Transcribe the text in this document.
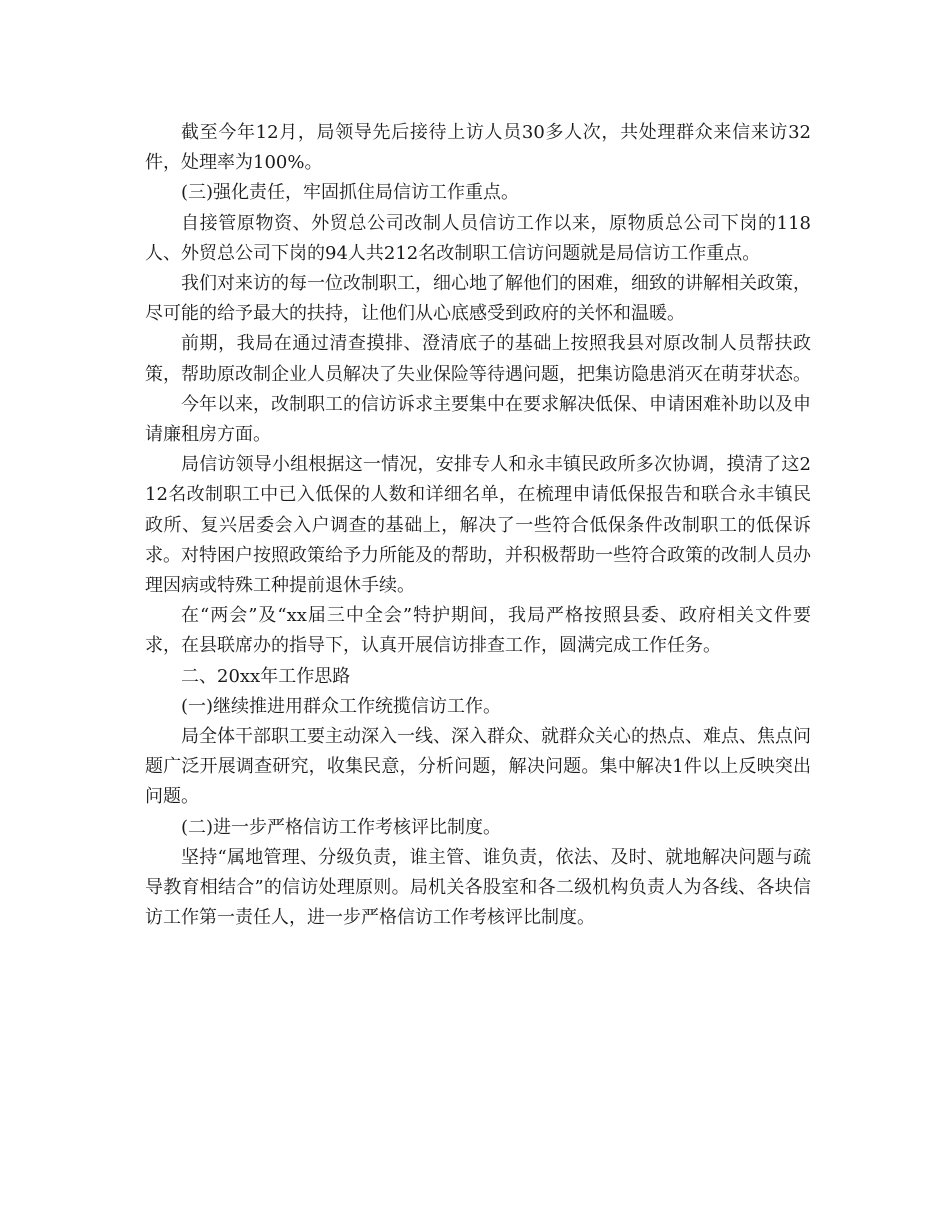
截至今年12月，局领导先后接待上访人员30多人次，共处理群众来信来访32件，处理率为100%。

(三)强化责任，牢固抓住局信访工作重点。

自接管原物资、外贸总公司改制人员信访工作以来，原物质总公司下岗的118人、外贸总公司下岗的94人共212名改制职工信访问题就是局信访工作重点。

我们对来访的每一位改制职工，细心地了解他们的困难，细致的讲解相关政策，尽可能的给予最大的扶持，让他们从心底感受到政府的关怀和温暖。

前期，我局在通过清查摸排、澄清底子的基础上按照我县对原改制人员帮扶政策，帮助原改制企业人员解决了失业保险等待遇问题，把集访隐患消灭在萌芽状态。

今年以来，改制职工的信访诉求主要集中在要求解决低保、申请困难补助以及申请廉租房方面。

局信访领导小组根据这一情况，安排专人和永丰镇民政所多次协调，摸清了这212名改制职工中已入低保的人数和详细名单，在梳理申请低保报告和联合永丰镇民政所、复兴居委会入户调查的基础上，解决了一些符合低保条件改制职工的低保诉求。对特困户按照政策给予力所能及的帮助，并积极帮助一些符合政策的改制人员办理因病或特殊工种提前退休手续。

在“两会”及“xx届三中全会”特护期间，我局严格按照县委、政府相关文件要求，在县联席办的指导下，认真开展信访排查工作，圆满完成工作任务。

二、20xx年工作思路

(一)继续推进用群众工作统揽信访工作。

局全体干部职工要主动深入一线、深入群众、就群众关心的热点、难点、焦点问题广泛开展调查研究，收集民意，分析问题，解决问题。集中解决1件以上反映突出问题。

(二)进一步严格信访工作考核评比制度。

坚持“属地管理、分级负责，谁主管、谁负责，依法、及时、就地解决问题与疏导教育相结合”的信访处理原则。局机关各股室和各二级机构负责人为各线、各块信访工作第一责任人，进一步严格信访工作考核评比制度。
